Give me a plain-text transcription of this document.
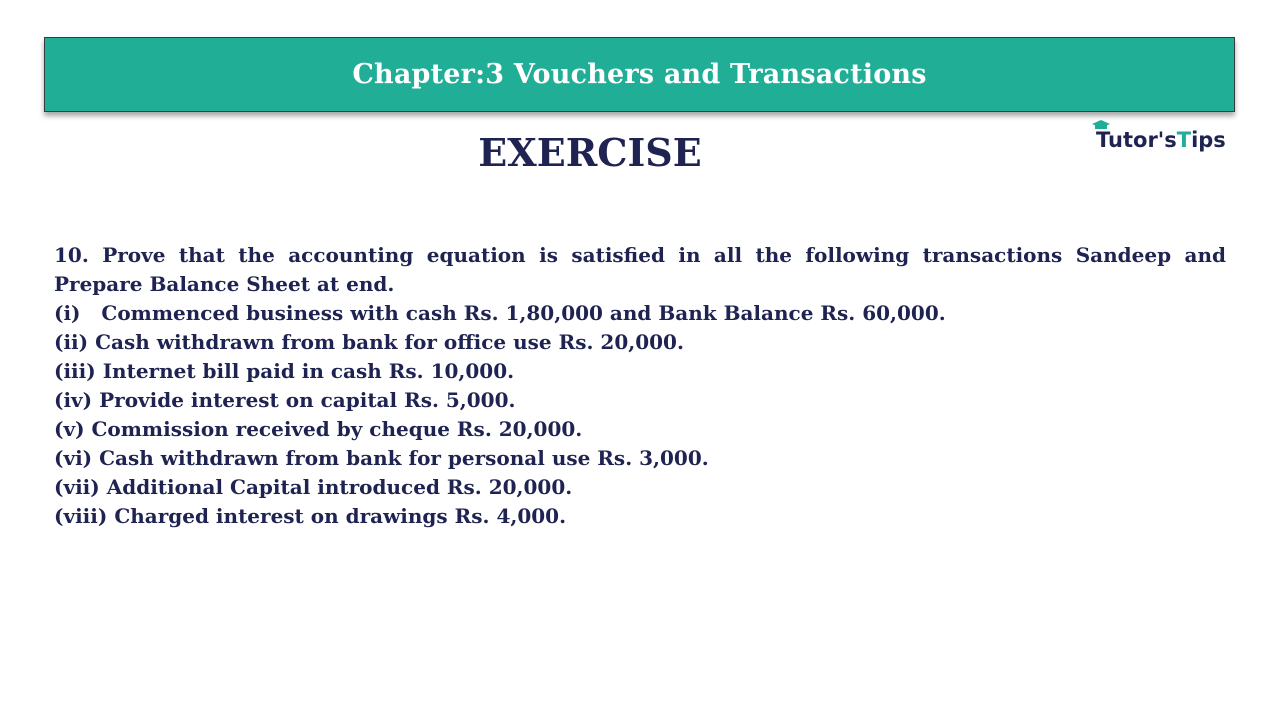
Chapter:3 Vouchers and Transactions
EXERCISE	Tutor'sTips

10. Prove that the accounting equation is satisfied in all the following transactions Sandeep and Prepare Balance Sheet at end.

(i) Commenced business with cash Rs. 1,80,000 and Bank Balance Rs. 60,000.
(ii) Cash withdrawn from bank for office use Rs. 20,000.
(iii) Internet bill paid in cash Rs. 10,000.
(iv) Provide interest on capital Rs. 5,000.
(v) Commission received by cheque Rs. 20,000.
(vi) Cash withdrawn from bank for personal use Rs. 3,000.
(vii) Additional Capital introduced Rs. 20,000.
(viii) Charged interest on drawings Rs. 4,000.
